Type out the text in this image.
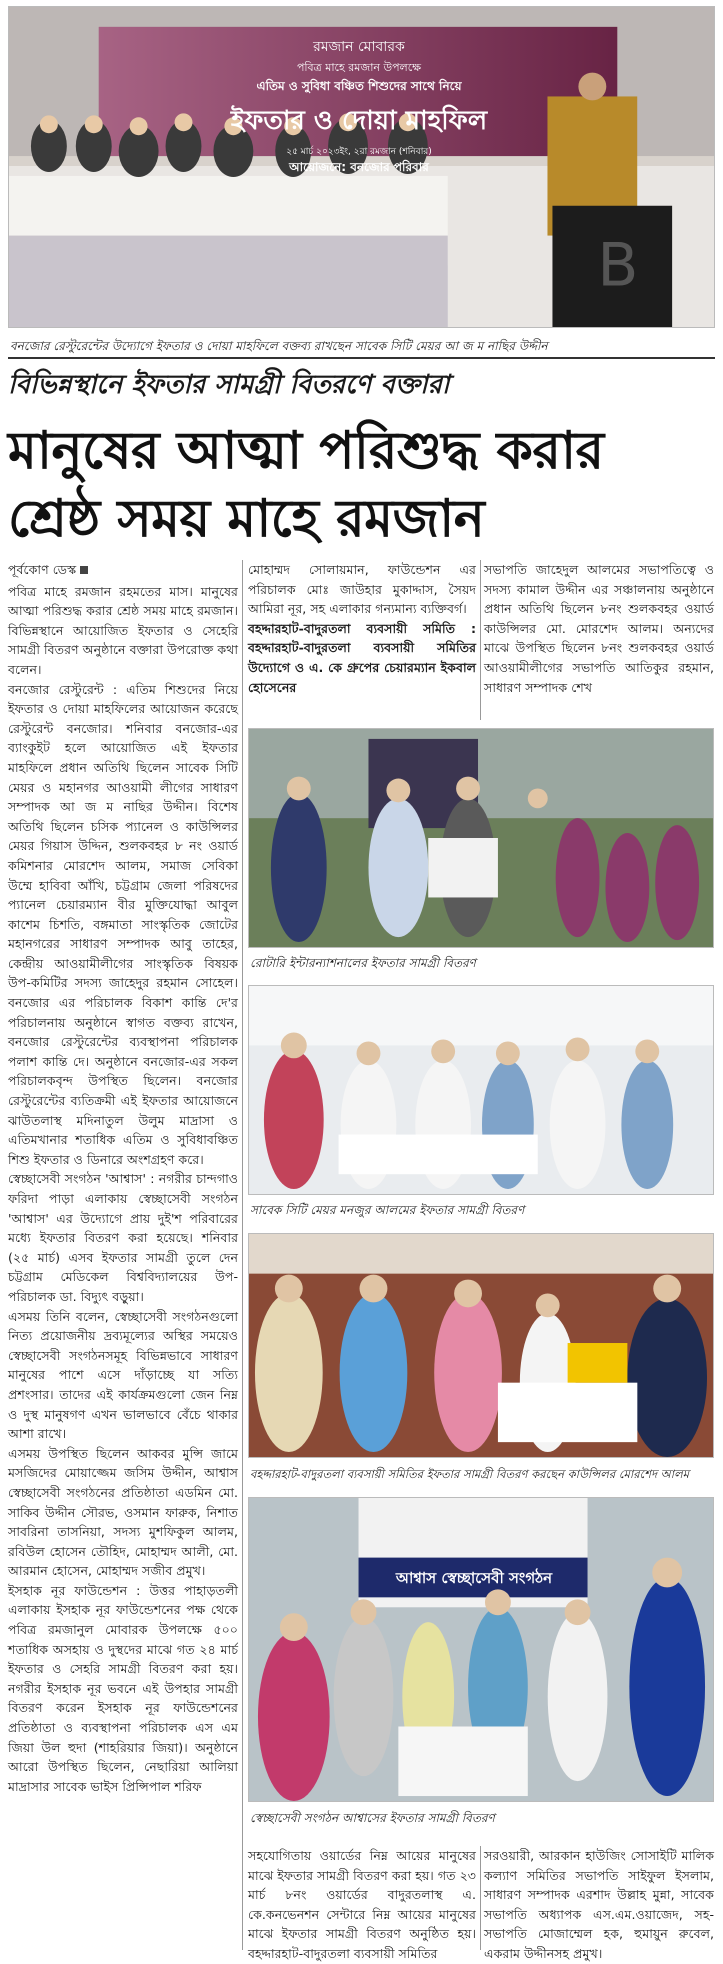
B
রমজান মোবারক
পবিত্র মাহে রমজান উপলক্ষে
এতিম ও সুবিধা বঞ্চিত শিশুদের সাথে নিয়ে
ইফতার ও দোয়া মাহফিল
২৫ মার্চ ২০২৩ইং, ২রা রমজান (শনিবার)
আয়োজনে: বনজোর পরিবার
বনজোর রেস্টুরেন্টের উদ্যোগে ইফতার ও দোয়া মাহফিলে বক্তব্য রাখছেন সাবেক সিটি মেয়র আ জ ম নাছির উদ্দীন
বিভিন্নস্থানে ইফতার সামগ্রী বিতরণে বক্তারা
মানুষের আত্মা পরিশুদ্ধ করার
শ্রেষ্ঠ সময় মাহে রমজান
পূর্বকোণ ডেস্ক

পবিত্র মাহে রমজান রহমতের মাস। মানুষের আত্মা পরিশুদ্ধ করার শ্রেষ্ঠ সময় মাহে রমজান। বিভিন্নস্থানে আয়োজিত ইফতার ও সেহেরি সামগ্রী বিতরণ অনুষ্ঠানে বক্তারা উপরোক্ত কথা বলেন।

বনজোর রেস্টুরেন্ট : এতিম শিশুদের নিয়ে ইফতার ও দোয়া মাহফিলের আয়োজন করেছে রেস্টুরেন্ট বনজোর। শনিবার বনজোর-এর ব্যাংকুইট হলে আয়োজিত এই ইফতার মাহফিলে প্রধান অতিথি ছিলেন সাবেক সিটি মেয়র ও মহানগর আওয়ামী লীগের সাধারণ সম্পাদক আ জ ম নাছির উদ্দীন। বিশেষ অতিথি ছিলেন চসিক প্যানেল ও কাউন্সিলর মেয়র গিয়াস উদ্দিন, শুলকবহর ৮ নং ওয়ার্ড কমিশনার মোরশেদ আলম, সমাজ সেবিকা উম্মে হাবিবা আঁখি, চট্টগ্রাম জেলা পরিষদের প্যানেল চেয়ারম্যান বীর মুক্তিযোদ্ধা আবুল কাশেম চিশতি, বঙ্গমাতা সাংস্কৃতিক জোটের মহানগরের সাধারণ সম্পাদক আবু তাহের, কেন্দ্রীয় আওয়ামীলীগের সাংস্কৃতিক বিষয়ক উপ-কমিটির সদস্য জাহেদুর রহমান সোহেল। বনজোর এর পরিচালক বিকাশ কান্তি দে'র পরিচালনায় অনুষ্ঠানে স্বাগত বক্তব্য রাখেন, বনজোর রেস্টুরেন্টের ব্যবস্থাপনা পরিচালক পলাশ কান্তি দে। অনুষ্ঠানে বনজোর-এর সকল পরিচালকবৃন্দ উপস্থিত ছিলেন। বনজোর রেস্টুরেন্টের ব্যতিক্রমী এই ইফতার আয়োজনে ঝাউতলাস্থ মদিনাতুল উলুম মাদ্রাসা ও এতিমখানার শতাধিক এতিম ও সুবিধাবঞ্চিত শিশু ইফতার ও ডিনারে অংশগ্রহণ করে।

স্বেচ্ছাসেবী সংগঠন 'আশ্বাস' : নগরীর চান্দগাও ফরিদা পাড়া এলাকায় স্বেচ্ছাসেবী সংগঠন 'আশ্বাস' এর উদ্যোগে প্রায় দুই'শ পরিবারের মধ্যে ইফতার বিতরণ করা হয়েছে। শনিবার (২৫ মার্চ) এসব ইফতার সামগ্রী তুলে দেন চট্টগ্রাম মেডিকেল বিশ্ববিদ্যালয়ের উপ-পরিচালক ডা. বিদ্যুৎ বড়ুয়া।

এসময় তিনি বলেন, স্বেচ্ছাসেবী সংগঠনগুলো নিত্য প্রয়োজনীয় দ্রব্যমূল্যের অস্থির সময়েও স্বেচ্ছাসেবী সংগঠনসমূহ বিভিন্নভাবে সাধারণ মানুষের পাশে এসে দাঁড়াচ্ছে যা সত্যি প্রশংসার। তাদের এই কার্যক্রমগুলো জেন নিম্ন ও দুস্থ মানুষগণ এখন ভালভাবে বেঁচে থাকার আশা রাখে।

এসময় উপস্থিত ছিলেন আকবর মুন্সি জামে মসজিদের মোয়াজ্জেম জসিম উদ্দীন, আশ্বাস স্বেচ্ছাসেবী সংগঠনের প্রতিষ্ঠাতা এডমিন মো. সাকিব উদ্দীন সৌরভ, ওসমান ফারুক, নিশাত সাবরিনা তাসনিয়া, সদস্য মুশফিকুল আলম, রবিউল হোসেন তৌহিদ, মোহাম্মদ আলী, মো. আরমান হোসেন, মোহাম্মদ সজীব প্রমুখ।

ইসহাক নূর ফাউন্ডেশন : উত্তর পাহাড়তলী এলাকায় ইসহাক নূর ফাউন্ডেশনের পক্ষ থেকে পবিত্র রমজানুল মোবারক উপলক্ষে ৫০০ শতাধিক অসহায় ও দুস্থদের মাঝে গত ২৪ মার্চ ইফতার ও সেহরি সামগ্রী বিতরণ করা হয়। নগরীর ইসহাক নূর ভবনে এই উপহার সামগ্রী বিতরণ করেন ইসহাক নূর ফাউন্ডেশনের প্রতিষ্ঠাতা ও ব্যবস্থাপনা পরিচালক এস এম জিয়া উল হুদা (শাহরিয়ার জিয়া)। অনুষ্ঠানে আরো উপস্থিত ছিলেন, নেছারিয়া আলিয়া মাদ্রাসার সাবেক ভাইস প্রিন্সিপাল শরিফ

মোহাম্মদ সোলায়মান, ফাউন্ডেশন এর পরিচালক মোঃ জাউহার মুকাদ্দাস, সৈয়দ আমিরা নূর, সহ এলাকার গন্যমান্য ব্যক্তিবর্গ।

বহদ্দারহাট-বাদুরতলা ব্যবসায়ী সমিতি : বহদ্দারহাট-বাদুরতলা ব্যবসায়ী সমিতির উদ্যোগে ও এ. কে গ্রুপের চেয়ারম্যান ইকবাল হোসেনের

সভাপতি জাহেদুল আলমের সভাপতিত্বে ও সদস্য কামাল উদ্দীন এর সঞ্চালনায় অনুষ্ঠানে প্রধান অতিথি ছিলেন ৮নং শুলকবহর ওয়ার্ড কাউন্সিলর মো. মোরশেদ আলম। অন্যদের মাঝে উপস্থিত ছিলেন ৮নং শুলকবহর ওয়ার্ড আওয়ামীলীগের সভাপতি আতিকুর রহমান, সাধারণ সম্পাদক শেখ

রোটারি ইন্টারন্যাশনালের ইফতার সামগ্রী বিতরণ
সাবেক সিটি মেয়র মনজুর আলমের ইফতার সামগ্রী বিতরণ
বহদ্দারহাট-বাদুরতলা ব্যবসায়ী সমিতির ইফতার সামগ্রী বিতরণ করছেন কাউন্সিলর মোরশেদ আলম
আশ্বাস স্বেচ্ছাসেবী সংগঠন
স্বেচ্ছাসেবী সংগঠন আশ্বাসের ইফতার সামগ্রী বিতরণ

সহযোগিতায় ওয়ার্ডের নিম্ন আয়ের মানুষের মাঝে ইফতার সামগ্রী বিতরণ করা হয়। গত ২৩ মার্চ ৮নং ওয়ার্ডের বাদুরতলাস্থ এ. কে.কনভেনশন সেন্টারে নিম্ন আয়ের মানুষের মাঝে ইফতার সামগ্রী বিতরণ অনুষ্ঠিত হয়। বহদ্দারহাট-বাদুরতলা ব্যবসায়ী সমিতির

সরওয়ারী, আরকান হাউজিং সোসাইটি মালিক কল্যাণ সমিতির সভাপতি সাইফুল ইসলাম, সাধারণ সম্পাদক এরশাদ উল্লাহ মুন্না, সাবেক সভাপতি অধ্যাপক এস.এম.ওয়াজেদ, সহ-সভাপতি মোজাম্মেল হক, হুমায়ুন রুবেল, একরাম উদ্দীনসহ প্রমুখ।
